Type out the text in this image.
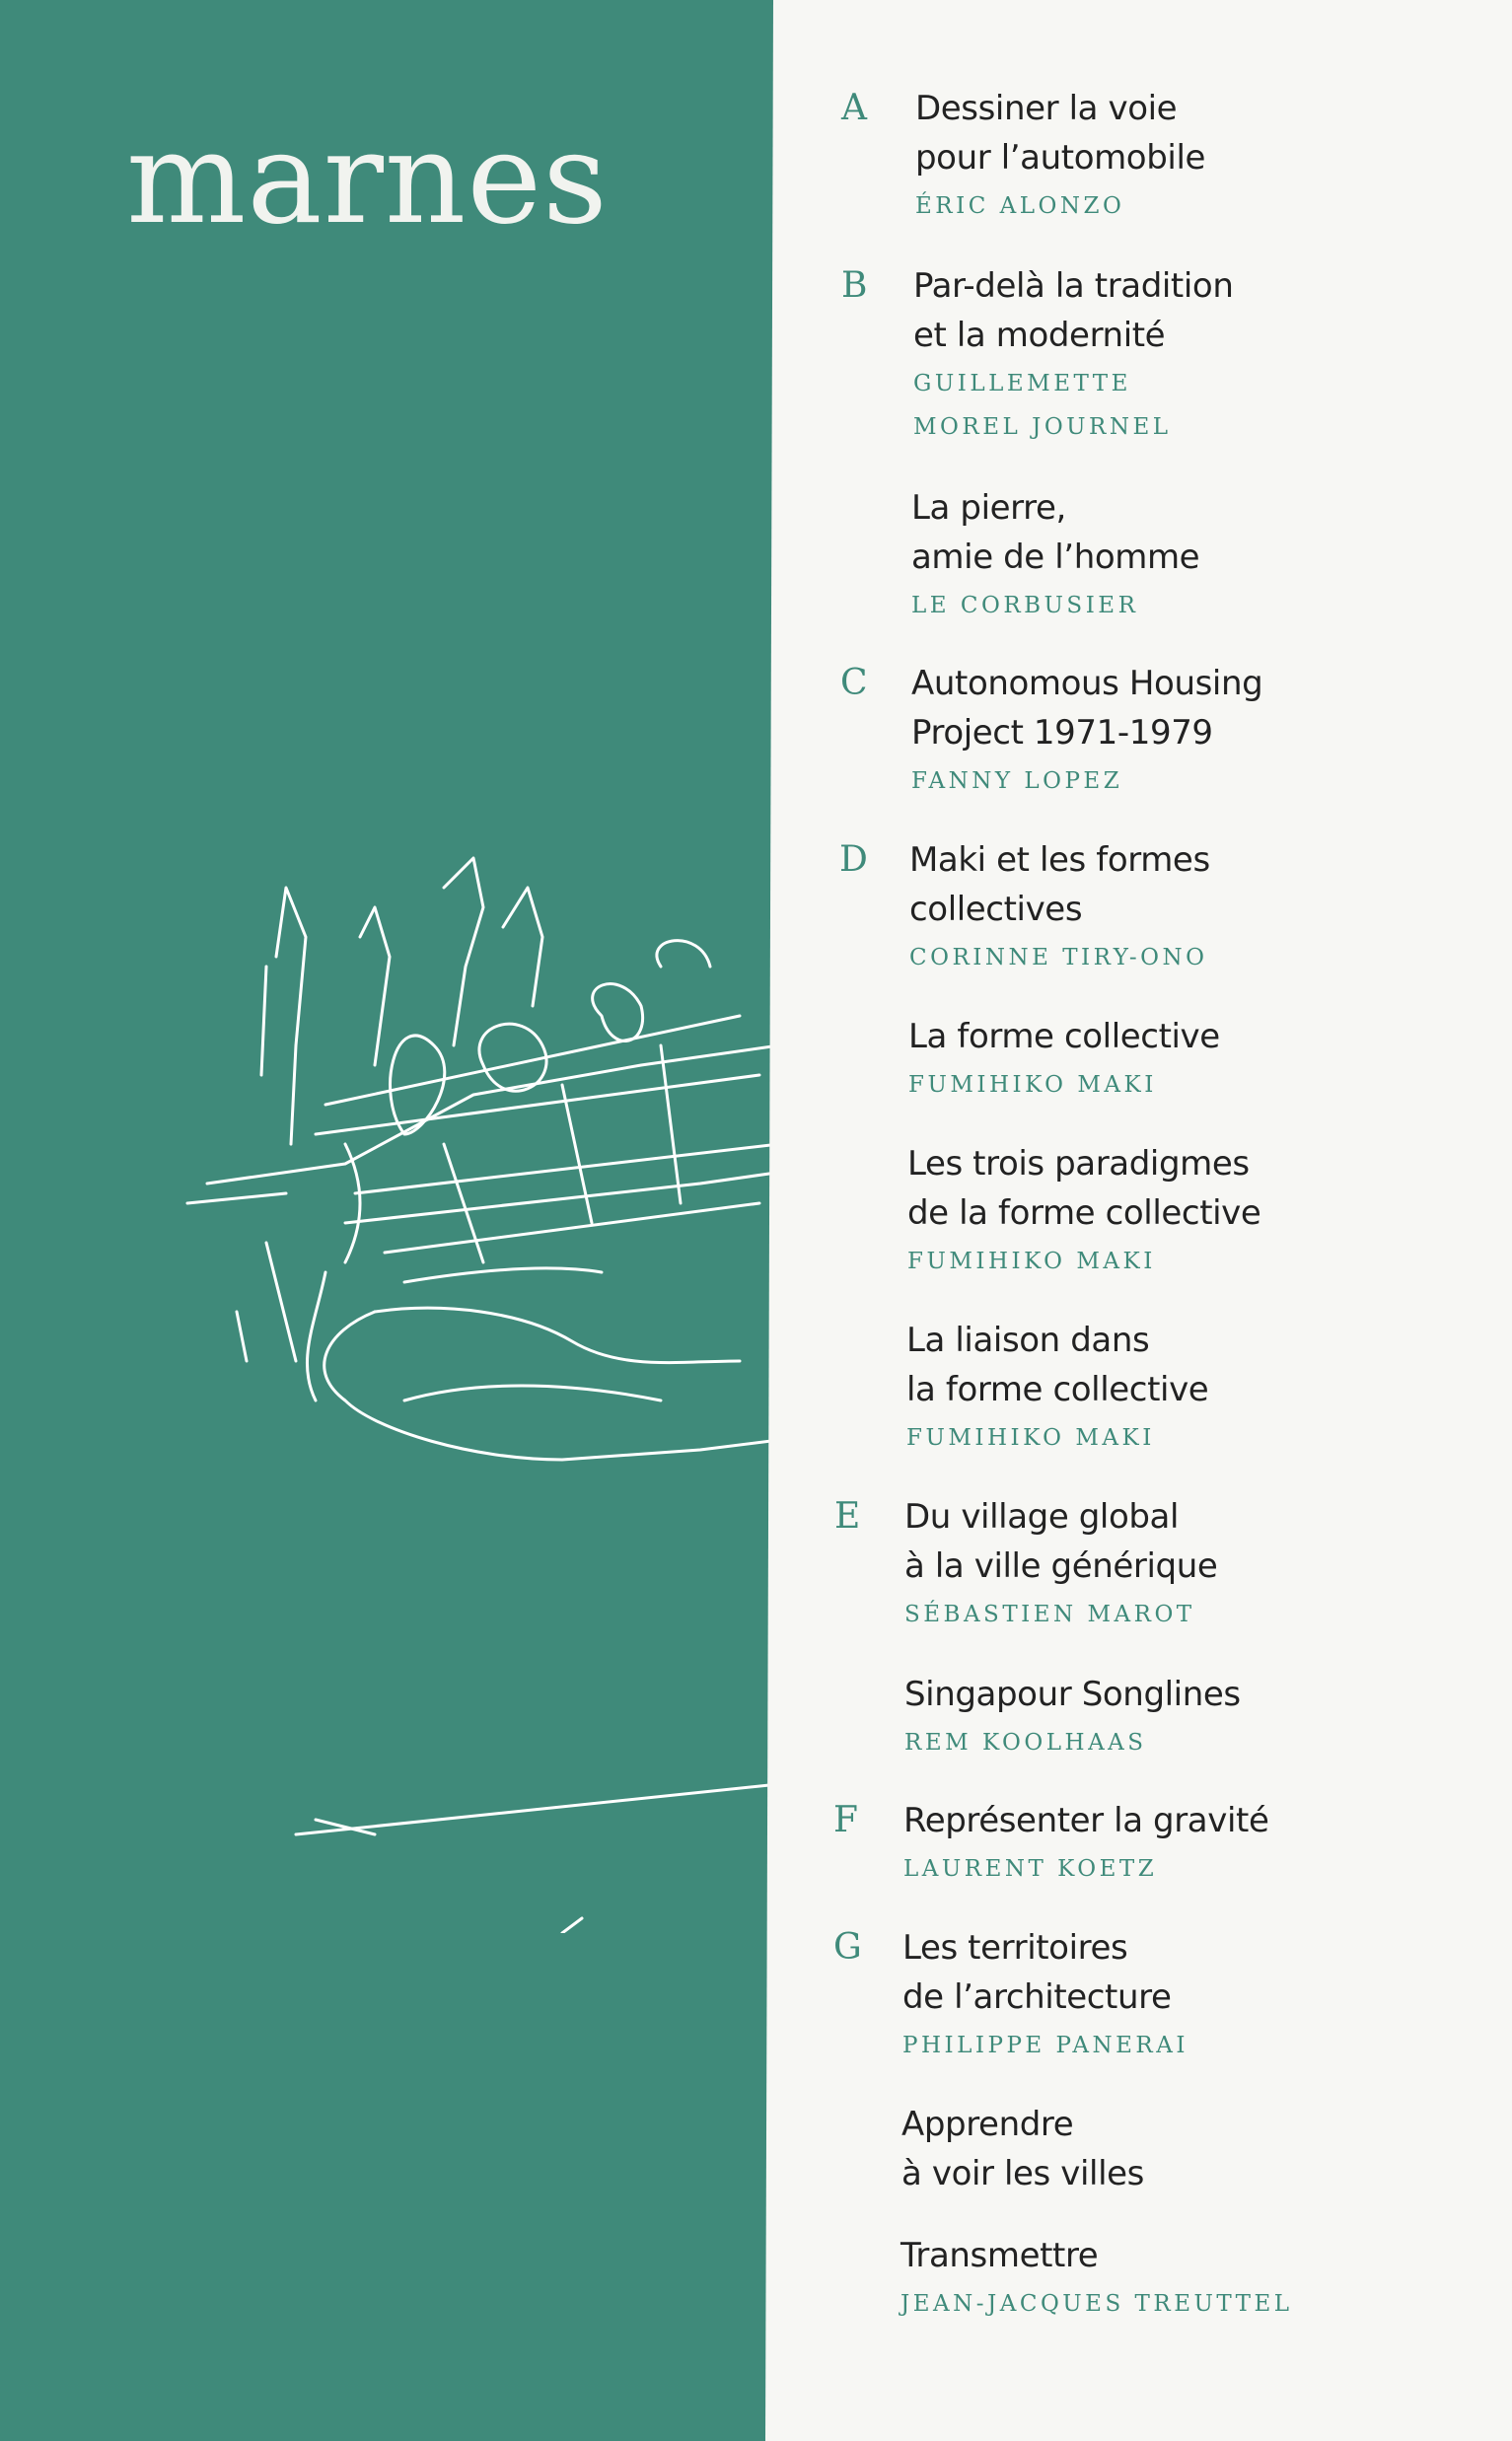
marnes	A Dessiner la voie
pour l’automobile
ÉRIC ALONZO
B Par-delà la tradition
et la modernité
GUILLEMETTE
MOREL JOURNEL
La pierre,
amie de l’homme
LE CORBUSIER
C Autonomous Housing
Project 1971-1979
FANNY LOPEZ
D Maki et les formes
collectives
CORINNE TIRY-ONO
La forme collective
FUMIHIKO MAKI
Les trois paradigmes
de la forme collective
FUMIHIKO MAKI
La liaison dans
la forme collective
FUMIHIKO MAKI
E Du village global
à la ville générique
SÉBASTIEN MAROT
Singapour Songlines
REM KOOLHAAS
F Représenter la gravité
LAURENT KOETZ
G Les territoires
de l’architecture
PHILIPPE PANERAI
Apprendre
à voir les villes
Transmettre
JEAN-JACQUES TREUTTEL
